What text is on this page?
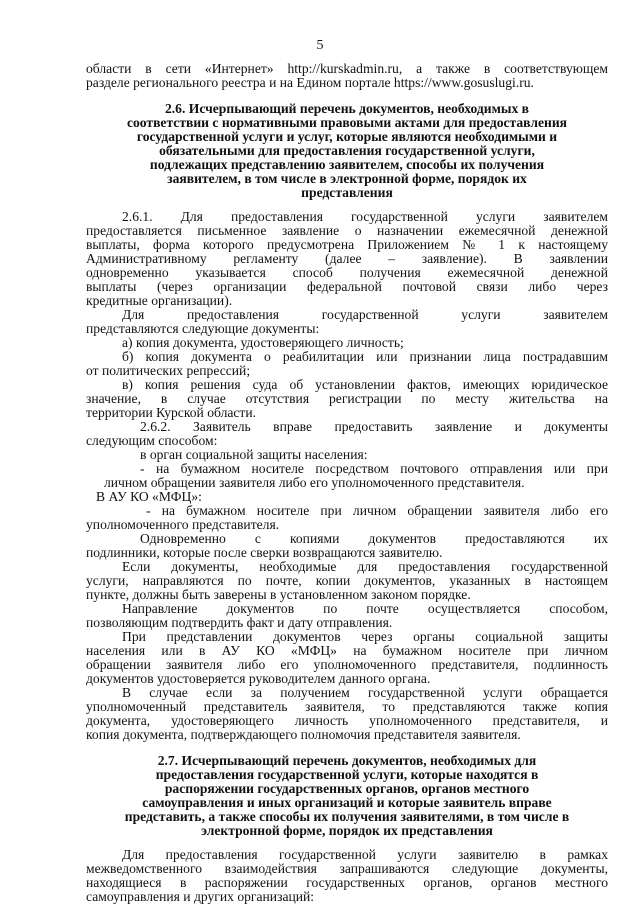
5
области в сети «Интернет» http://kurskadmin.ru, а также в соответствующем
разделе регионального реестра и на Едином портале https://www.gosuslugi.ru.
2.6. Исчерпывающий перечень документов, необходимых в
соответствии с нормативными правовыми актами для предоставления
государственной услуги и услуг, которые являются необходимыми и
обязательными для предоставления государственной услуги,
подлежащих представлению заявителем, способы их получения
заявителем, в том числе в электронной форме, порядок их
представления
2.6.1. Для предоставления государственной услуги заявителем
предоставляется письменное заявление о назначении ежемесячной денежной
выплаты, форма которого предусмотрена Приложением № 1 к настоящему
Административному регламенту (далее – заявление). В заявлении
одновременно указывается способ получения ежемесячной денежной
выплаты (через организации федеральной почтовой связи либо через
кредитные организации).
Для предоставления государственной услуги заявителем
представляются следующие документы:
а) копия документа, удостоверяющего личность;
б) копия документа о реабилитации или признании лица пострадавшим
от политических репрессий;
в) копия решения суда об установлении фактов, имеющих юридическое
значение, в случае отсутствия регистрации по месту жительства на
территории Курской области.
2.6.2. Заявитель вправе предоставить заявление и документы
следующим способом:
в орган социальной защиты населения:
- на бумажном носителе посредством почтового отправления или при
личном обращении заявителя либо его уполномоченного представителя.
В АУ КО «МФЦ»:
- на бумажном носителе при личном обращении заявителя либо его
уполномоченного представителя.
Одновременно с копиями документов предоставляются их
подлинники, которые после сверки возвращаются заявителю.
Если документы, необходимые для предоставления государственной
услуги, направляются по почте, копии документов, указанных в настоящем
пункте, должны быть заверены в установленном законом порядке.
Направление документов по почте осуществляется способом,
позволяющим подтвердить факт и дату отправления.
При представлении документов через органы социальной защиты
населения или в АУ КО «МФЦ» на бумажном носителе при личном
обращении заявителя либо его уполномоченного представителя, подлинность
документов удостоверяется руководителем данного органа.
В случае если за получением государственной услуги обращается
уполномоченный представитель заявителя, то представляются также копия
документа, удостоверяющего личность уполномоченного представителя, и
копия документа, подтверждающего полномочия представителя заявителя.
2.7. Исчерпывающий перечень документов, необходимых для
предоставления государственной услуги, которые находятся в
распоряжении государственных органов, органов местного
самоуправления и иных организаций и которые заявитель вправе
представить, а также способы их получения заявителями, в том числе в
электронной форме, порядок их представления
Для предоставления государственной услуги заявителю в рамках
межведомственного взаимодействия запрашиваются следующие документы,
находящиеся в распоряжении государственных органов, органов местного
самоуправления и других организаций:
